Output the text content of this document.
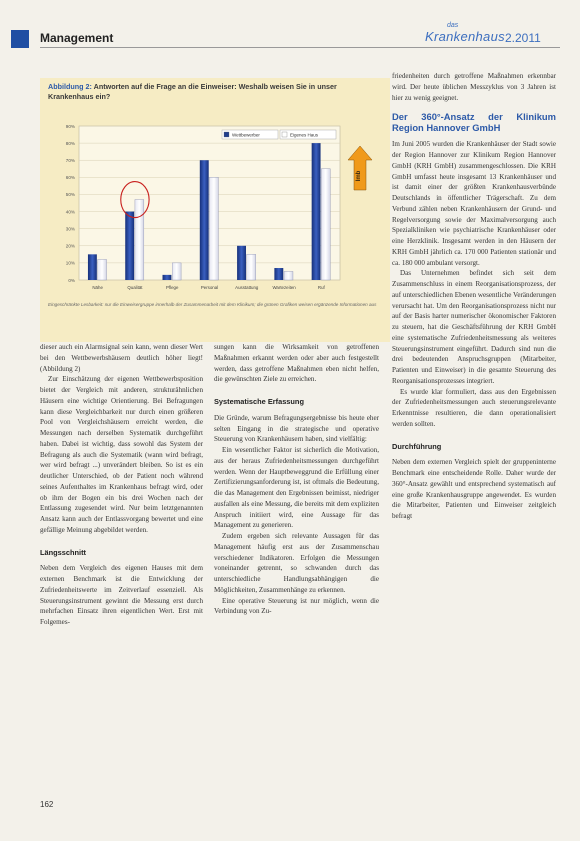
Management
das
Krankenhaus 2.2011
Abbildung 2: Antworten auf die Frage an die Einweiser: Weshalb weisen Sie in unser Krankenhaus ein?
0%
10%
20%
30%
40%
50%
60%
70%
80%
90%
Nähe	Qualität	Pflege	Personal	Ausstattung	Wartezeiten	Ruf
Wettbewerber	Eigenes Haus
Imb
Eingeschränkte Lesbarkeit: nur die Einweisergruppe innerhalb der Zusammenarbeit mit dem Klinikum; die grünen Grafiken weisen ergänzende Informationen aus

dieser auch ein Alarmsignal sein kann, wenn dieser Wert bei den Wettbewerbshäusern deutlich höher liegt! (Abbildung 2)

Zur Einschätzung der eigenen Wettbewerbsposition bietet der Vergleich mit anderen, strukturähnlichen Häusern eine wichtige Orientierung. Bei Befragungen kann diese Vergleichbarkeit nur durch einen größeren Pool von Vergleichshäusern erreicht werden, die Messungen nach derselben Systematik durchgeführt haben. Dabei ist wichtig, dass sowohl das System der Befragung als auch die Systematik (wann wird befragt, wer wird befragt ...) unverändert bleiben. So ist es ein deutlicher Unterschied, ob der Patient noch während seines Aufenthaltes im Krankenhaus befragt wird, oder ob ihm der Bogen ein bis drei Wochen nach der Entlassung zugesendet wird. Nur beim letztgenannten Ansatz kann auch der Entlassvorgang bewertet und eine gefällige Meinung abgebildet werden.

Längsschnitt

Neben dem Vergleich des eigenen Hauses mit dem externen Benchmark ist die Entwicklung der Zufriedenheitswerte im Zeitverlauf essenziell. Als Steuerungsinstrument gewinnt die Messung erst durch mehrfachen Einsatz ihren eigentlichen Wert. Erst mit Folgemes-

sungen kann die Wirksamkeit von getroffenen Maßnahmen erkannt werden oder aber auch festgestellt werden, dass getroffene Maßnahmen eben nicht helfen, die gewünschten Ziele zu erreichen.

Systematische Erfassung

Die Gründe, warum Befragungsergebnisse bis heute eher selten Eingang in die strategische und operative Steuerung von Krankenhäusern haben, sind vielfältig:

Ein wesentlicher Faktor ist sicherlich die Motivation, aus der heraus Zufriedenheitsmessungen durchgeführt werden. Wenn der Hauptbeweggrund die Erfüllung einer Zertifizierungsanforderung ist, ist oftmals die Bedeutung, die das Management den Ergebnissen beimisst, niedriger ausfallen als eine Messung, die bereits mit dem expliziten Anspruch initiiert wird, eine Aussage für das Management zu generieren.

Zudem ergeben sich relevante Aussagen für das Management häufig erst aus der Zusammenschau verschiedener Indikatoren. Erfolgen die Messungen voneinander getrennt, so schwanden durch das unterschiedliche Handlungsabhängigen die Möglichkeiten, Zusammenhänge zu erkennen.

Eine operative Steuerung ist nur möglich, wenn die Verbindung von Zu-

friedenheiten durch getroffene Maßnahmen erkennbar wird. Der heute üblichen Messzyklus von 3 Jahren ist hier zu wenig geeignet.

Der 360°-Ansatz der Klinikum Region Hannover GmbH

Im Juni 2005 wurden die Krankenhäuser der Stadt sowie der Region Hannover zur Klinikum Region Hannover GmbH (KRH GmbH) zusammengeschlossen. Die KRH GmbH umfasst heute insgesamt 13 Krankenhäuser und ist damit einer der größten Krankenhausverbünde Deutschlands in öffentlicher Trägerschaft. Zu dem Verbund zählen neben Krankenhäusern der Grund- und Regelversorgung sowie der Maximalversorgung auch Spezialkliniken wie psychiatrische Krankenhäuser oder eine Herzklinik. Insgesamt werden in den Häusern der KRH GmbH jährlich ca. 170 000 Patienten stationär und ca. 180 000 ambulant versorgt.

Das Unternehmen befindet sich seit dem Zusammenschluss in einem Reorganisationsprozess, der auf unterschiedlichen Ebenen wesentliche Veränderungen verursacht hat. Um den Reorganisationsprozess nicht nur auf der Basis harter numerischer ökonomischer Faktoren zu steuern, hat die Geschäftsführung der KRH GmbH eine systematische Zufriedenheitsmessung als weiteres Steuerungsinstrument eingeführt. Dadurch sind nun die drei bedeutenden Anspruchsgruppen (Mitarbeiter, Patienten und Einweiser) in die gesamte Steuerung des Reorganisationsprozesses integriert.

Es wurde klar formuliert, dass aus den Ergebnissen der Zufriedenheitsmessungen auch steuerungsrelevante Erkenntnisse resultieren, die dann operationalisiert werden sollten.

Durchführung

Neben dem externen Vergleich spielt der gruppeninterne Benchmark eine entscheidende Rolle. Daher wurde der 360°-Ansatz gewählt und entsprechend systematisch auf eine große Krankenhausgruppe angewendet. Es wurden die Mitarbeiter, Patienten und Einweiser zeitgleich befragt

162
